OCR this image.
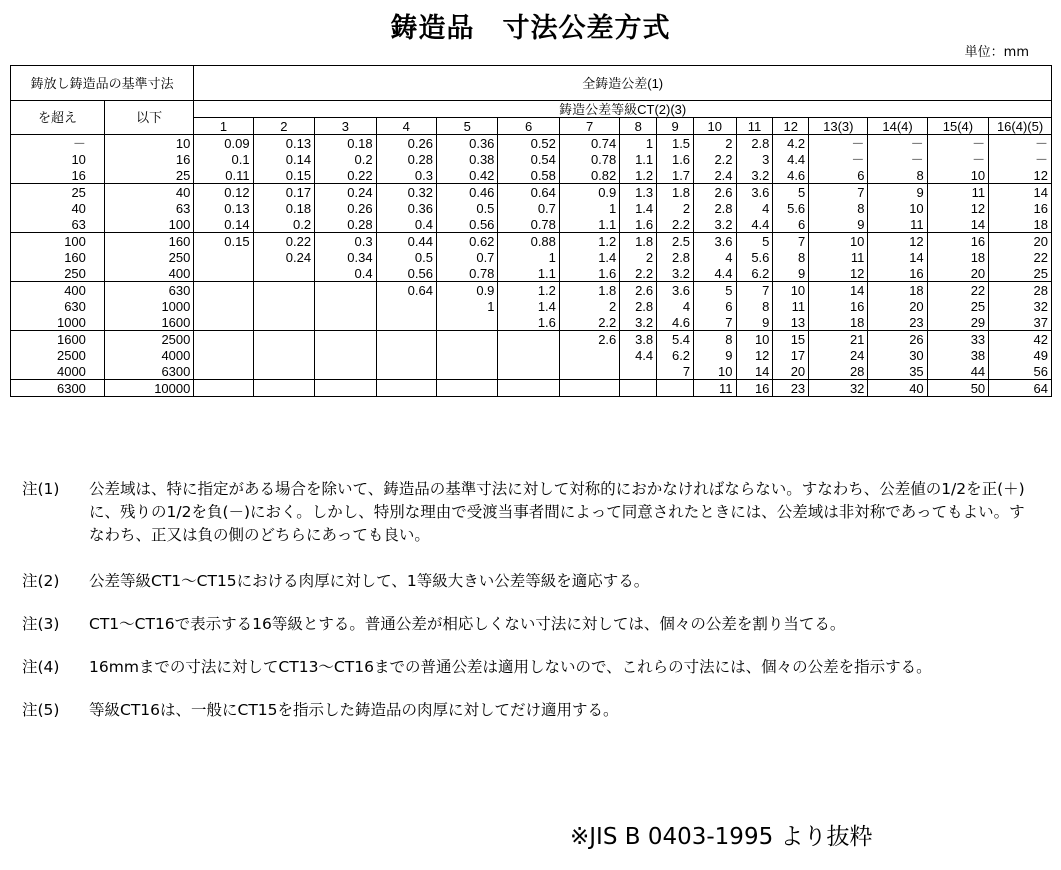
鋳造品　寸法公差方式
単位：mm
鋳放し鋳造品の基準寸法		全鋳造公差(1)															
を超え	以下	鋳造公差等級CT(2)(3)															
		1	2	3	4	5	6	7	8	9	10	11	12	13(3)	14(4)	15(4)	16(4)(5)
－	10	0.09	0.13	0.18	0.26	0.36	0.52	0.74	1	1.5	2	2.8	4.2	－	－	－	－
10	16	0.1	0.14	0.2	0.28	0.38	0.54	0.78	1.1	1.6	2.2	3	4.4	－	－	－	－
16	25	0.11	0.15	0.22	0.3	0.42	0.58	0.82	1.2	1.7	2.4	3.2	4.6	6	8	10	12
25	40	0.12	0.17	0.24	0.32	0.46	0.64	0.9	1.3	1.8	2.6	3.6	5	7	9	11	14
40	63	0.13	0.18	0.26	0.36	0.5	0.7	1	1.4	2	2.8	4	5.6	8	10	12	16
63	100	0.14	0.2	0.28	0.4	0.56	0.78	1.1	1.6	2.2	3.2	4.4	6	9	11	14	18
100	160	0.15	0.22	0.3	0.44	0.62	0.88	1.2	1.8	2.5	3.6	5	7	10	12	16	20
160	250		0.24	0.34	0.5	0.7	1	1.4	2	2.8	4	5.6	8	11	14	18	22
250	400			0.4	0.56	0.78	1.1	1.6	2.2	3.2	4.4	6.2	9	12	16	20	25
400	630				0.64	0.9	1.2	1.8	2.6	3.6	5	7	10	14	18	22	28
630	1000					1	1.4	2	2.8	4	6	8	11	16	20	25	32
1000	1600						1.6	2.2	3.2	4.6	7	9	13	18	23	29	37
1600	2500							2.6	3.8	5.4	8	10	15	21	26	33	42
2500	4000								4.4	6.2	9	12	17	24	30	38	49
4000	6300									7	10	14	20	28	35	44	56
6300	10000										11	16	23	32	40	50	64
注(1)	公差域は、特に指定がある場合を除いて、鋳造品の基準寸法に対して対称的におかなければならない。すなわち、公差値の1/2を正(＋)に、残りの1/2を負(－)におく。しかし、特別な理由で受渡当事者間によって同意されたときには、公差域は非対称であってもよい。すなわち、正又は負の側のどちらにあっても良い。
注(2)	公差等級CT1～CT15における肉厚に対して、1等級大きい公差等級を適応する。
注(3)	CT1～CT16で表示する16等級とする。普通公差が相応しくない寸法に対しては、個々の公差を割り当てる。
注(4)	16mmまでの寸法に対してCT13～CT16までの普通公差は適用しないので、これらの寸法には、個々の公差を指示する。
注(5)	等級CT16は、一般にCT15を指示した鋳造品の肉厚に対してだけ適用する。
※JIS B 0403-1995 より抜粋
